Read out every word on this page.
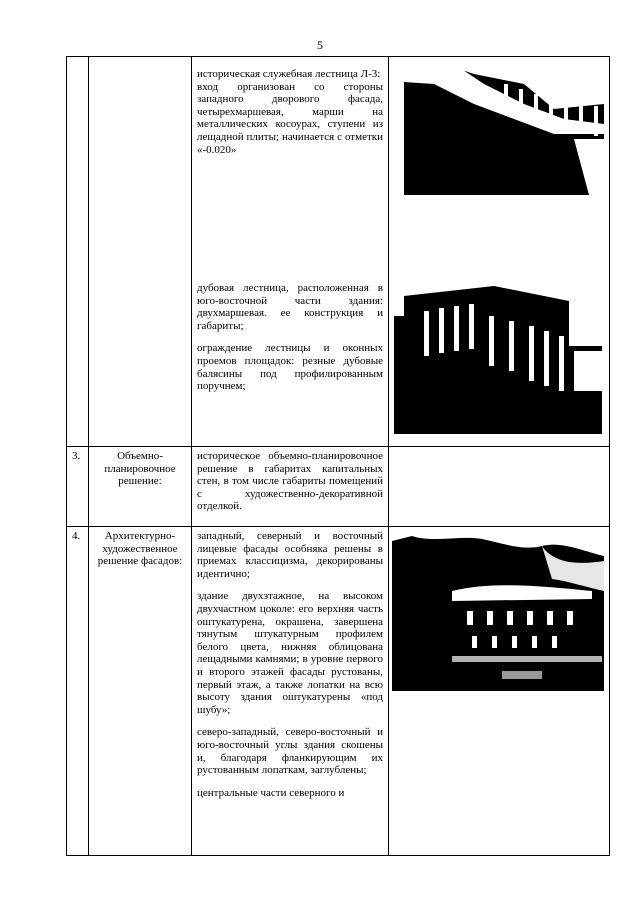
5
историческая служебная лестница Л-3:
вход организован со стороны западного дворового фасада, четырехмаршевая, марши на металлических косоурах, ступени из лещадной плиты; начинается с отметки «-0.020»
дубовая лестница, расположенная в юго-восточной части здания: двухмаршевая. ее конструкция и габариты;
ограждение лестницы и оконных проемов площадок: резные дубовые балясины под профилированным поручнем;
3.	Объемно-планировочное решение:
историческое объемно-планировочное решение в габаритах капитальных стен, в том числе габариты помещений с художественно-декоративной отделкой.
4.	Архитектурно-художественное решение фасадов:
западный, северный и восточный лицевые фасады особняка решены в приемах классицизма, декорированы идентично;
здание двухэтажное, на высоком двухчастном цоколе: его верхняя часть оштукатурена, окрашена, завершена тянутым штукатурным профилем белого цвета, нижняя облицована лещадными камнями; в уровне первого и второго этажей фасады рустованы, первый этаж, а также лопатки на всю высоту здания оштукатурены «под шубу»;
северо-западный, северо-восточный и юго-восточный углы здания скошены и, благодаря фланкирующим их рустованным лопаткам, заглублены;
центральные части северного и
